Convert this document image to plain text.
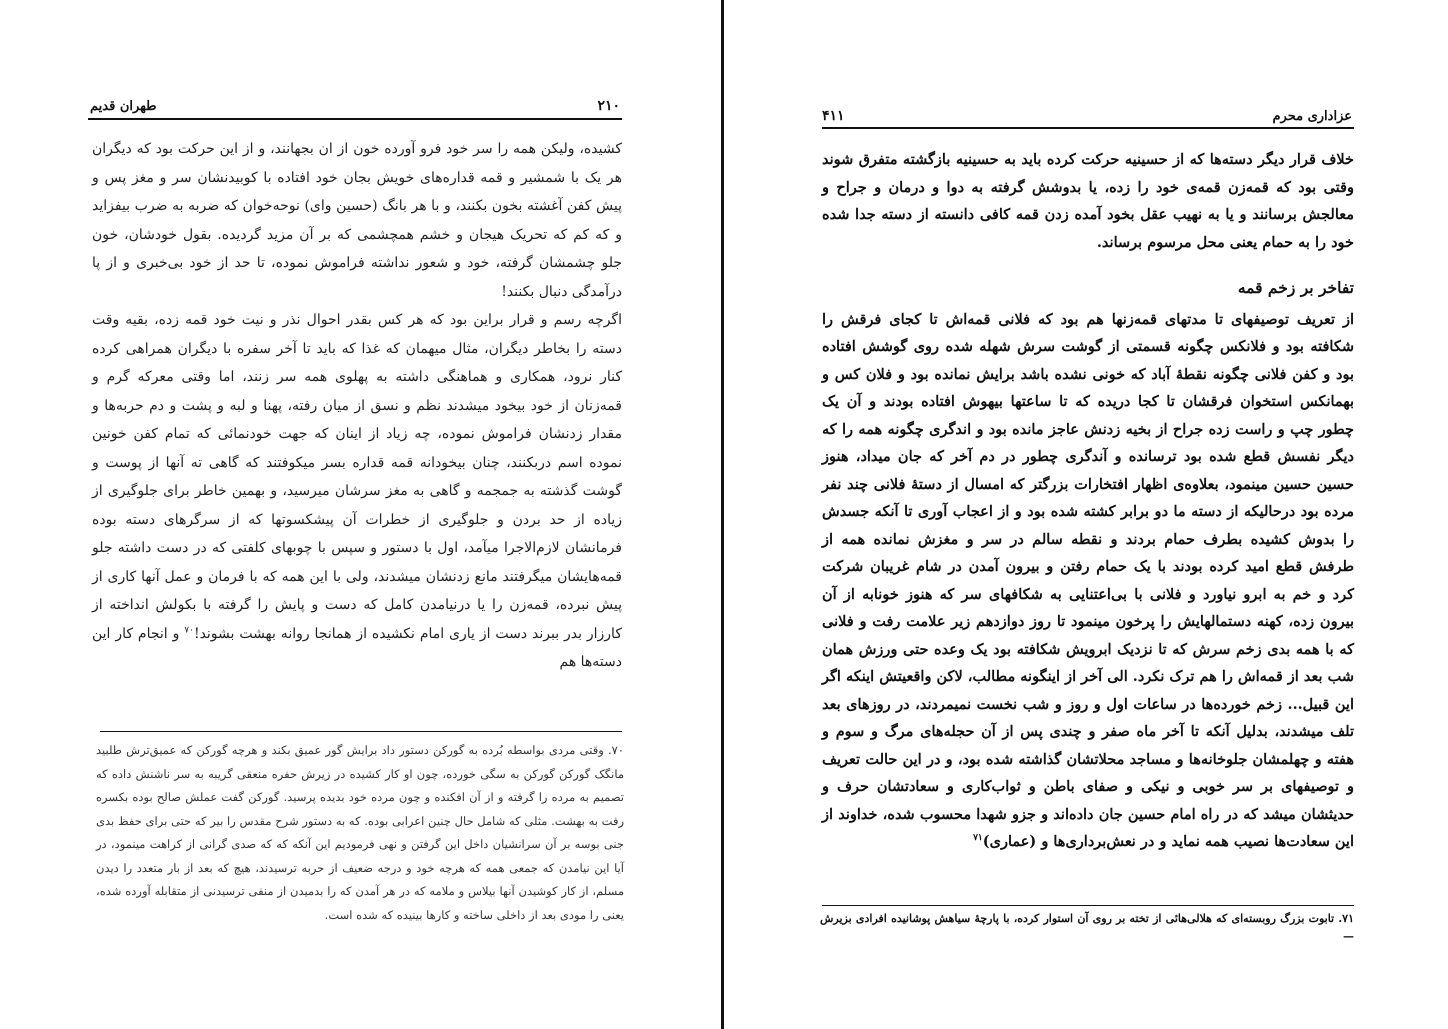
۲۱۰
طهران قدیم

کشیده، ولیکن همه را سر خود فرو آورده خون از ان بجهانند، و از این حرکت بود که دیگران هر یک با شمشیر و قمه قداره‌های خویش بجان خود افتاده با کوبیدنشان سر و مغز پس و پیش کفن آغشته بخون بکنند، و با هر بانگ (حسین وای) نوحه‌خوان که ضربه به ضرب بیفزاید و که کم که تحریک هیجان و خشم همچشمی که بر آن مزید گردیده. بقول خودشان، خون جلو چشمشان گرفته، خود و شعور نداشته فراموش نموده، تا حد از خود بی‌خبری و از پا درآمدگی دنبال بکنند!

اگرچه رسم و قرار براین بود که هر کس بقدر احوال نذر و نیت خود قمه زده، بقیه وقت دسته را بخاطر دیگران، مثال میهمان که غذا که باید تا آخر سفره با دیگران همراهی کرده کنار نرود، همکاری و هماهنگی داشته به پهلوی همه سر زنند، اما وقتی معرکه گرم و قمه‌زنان از خود بیخود میشدند نظم و نسق از میان رفته، پهنا و لبه و پشت و دم حربه‌ها و مقدار زدنشان فراموش نموده، چه زیاد از اینان که جهت خودنمائی که تمام کفن خونین نموده اسم دربکنند، چنان بیخودانه قمه قداره بسر میکوفتند که گاهی ته آنها از پوست و گوشت گذشته به جمجمه و گاهی به مغز سرشان میرسید، و بهمین خاطر برای جلوگیری از زیاده از حد بردن و جلوگیری از خطرات آن پیشکسوتها که از سرگرهای دسته بوده فرمانشان لازم‌الاجرا میآمد، اول با دستور و سپس با چوبهای کلفتی که در دست داشته جلو قمه‌هایشان میگرفتند مانع زدنشان میشدند، ولی با این همه که با فرمان و عمل آنها کاری از پیش نبرده، قمه‌زن را یا درنیامدن کامل که دست و پایش را گرفته با بکولش انداخته از کارزار بدر ببرند دست از یاری امام نکشیده از همانجا روانه بهشت بشوند!$^{۷۰}$ و انجام کار این دسته‌ها هم

۷۰. وقتی مردی بواسطه بُرده به گورکن دستور داد برایش گور عمیق بکند و هرچه گورکن که عمیق‌ترش طلبید مانگک گورکن گورکن به سگی خورده، چون او کار کشیده در زیرش حفره منعقی گریبه به سر ناشنش داده که تصمیم به مرده را گرفته و از آن افکنده و چون مرده خود بدیده پرسید. گورکن گفت عملش صالح بوده بکسره رفت به بهشت. مثلی که شامل حال چنین اعرابی بوده. که به دستور شرح مقدس را بیر که حتی برای حفظ بدی جنی بوسه بر آن سرانشیان داخل این گرفتن و نهی فرمودیم این آنکه که که صدی گرانی از کراهت مینمود، در آیا این نیامدن که جمعی همه که هرچه خود و درجه ضعیف از حربه ترسیدند، هیچ که بعد از بار متعدد را دیدن مسلم، از کار کوشیدن آنها بیلاس و ملامه که در هر آمدن که را بدمیدن از منفی ترسیدنی از متقابله آورده شده، یعنی را مودی بعد از داخلی ساخته و کارها بینیده که شده است.
عزاداری محرم
۴۱۱

خلاف قرار دیگر دسته‌ها که از حسینیه حرکت کرده باید به حسینیه بازگشته متفرق شوند وقتی بود که قمه‌زن قمه‌ی خود را زده، یا بدوشش گرفته به دوا و درمان و جراح و معالجش برسانند و یا به نهیب عقل بخود آمده زدن قمه کافی دانسته از دسته جدا شده خود را به حمام یعنی محل مرسوم برساند.

تفاخر بر زخم قمه

از تعریف توصیفهای تا مدتهای قمه‌زنها هم بود که فلانی قمه‌اش تا کجای فرقش را شکافته بود و فلانکس چگونه قسمتی از گوشت سرش شهله شده روی گوشش افتاده بود و کفن فلانی چگونه نقطهٔ آباد که خونی نشده باشد برایش نمانده بود و فلان کس و بهمانکس استخوان فرقشان تا کجا دریده که تا ساعتها بیهوش افتاده بودند و آن یک چطور چپ و راست زده جراح از بخیه زدنش عاجز مانده بود و اندگری چگونه همه را که دیگر نفسش قطع شده بود ترسانده و آندگری چطور در دم آخر که جان میداد، هنوز حسین حسین مینمود، بعلاوه‌ی اظهار افتخارات بزرگتر که امسال از دستهٔ فلانی چند نفر مرده بود درحالیکه از دسته ما دو برابر کشته شده بود و از اعجاب آوری تا آنکه جسدش را بدوش کشیده بطرف حمام بردند و نقطه سالم در سر و مغزش نمانده همه از طرفش قطع امید کرده بودند با یک حمام رفتن و بیرون آمدن در شام غریبان شرکت کرد و خم به ابرو نیاورد و فلانی با بی‌اعتنایی به شکافهای سر که هنوز خونابه از آن بیرون زده، کهنه دستمالهایش را پرخون مینمود تا روز دوازدهم زیر علامت رفت و فلانی که با همه بدی زخم سرش که تا نزدیک ابرویش شکافته بود یک وعده حتی ورزش همان شب بعد از قمه‌اش را هم ترک نکرد. الی آخر از اینگونه مطالب، لاکن واقعیتش اینکه اگر این قبیل... زخم خورده‌ها در ساعات اول و روز و شب نخست نمیمردند، در روزهای بعد تلف میشدند، بدلیل آنکه تا آخر ماه صفر و چندی پس از آن حجله‌های مرگ و سوم و هفته و چهلمشان جلوخانه‌ها و مساجد محلاتشان گذاشته شده بود، و در این حالت تعریف و توصیفهای بر سر خوبی و نیکی و صفای باطن و ثواب‌کاری و سعادتشان حرف و حدیثشان میشد که در راه امام حسین جان داده‌اند و جزو شهدا محسوب شده، خداوند از این سعادت‌ها نصیب همه نماید و در نعش‌برداری‌ها و (عماری)$^{۷۱}$

۷۱. تابوت بزرگ روبسته‌ای که هلالی‌هائی از تخته بر روی آن استوار کرده، با پارچهٔ سیاهش پوشانیده افرادی بزیرش —
